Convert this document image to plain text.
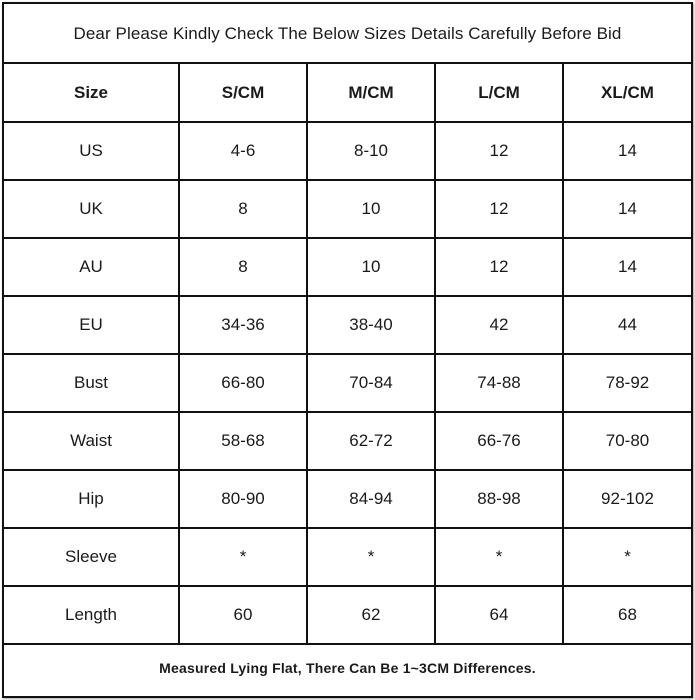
Dear Please Kindly Check The Below Sizes Details Carefully Before Bid
Size	S/CM	M/CM	L/CM	XL/CM
US	4-6	8-10	12	14
UK	8	10	12	14
AU	8	10	12	14
EU	34-36	38-40	42	44
Bust	66-80	70-84	74-88	78-92
Waist	58-68	62-72	66-76	70-80
Hip	80-90	84-94	88-98	92-102
Sleeve	*	*	*	*
Length	60	62	64	68
Measured Lying Flat, There Can Be 1~3CM Differences.
